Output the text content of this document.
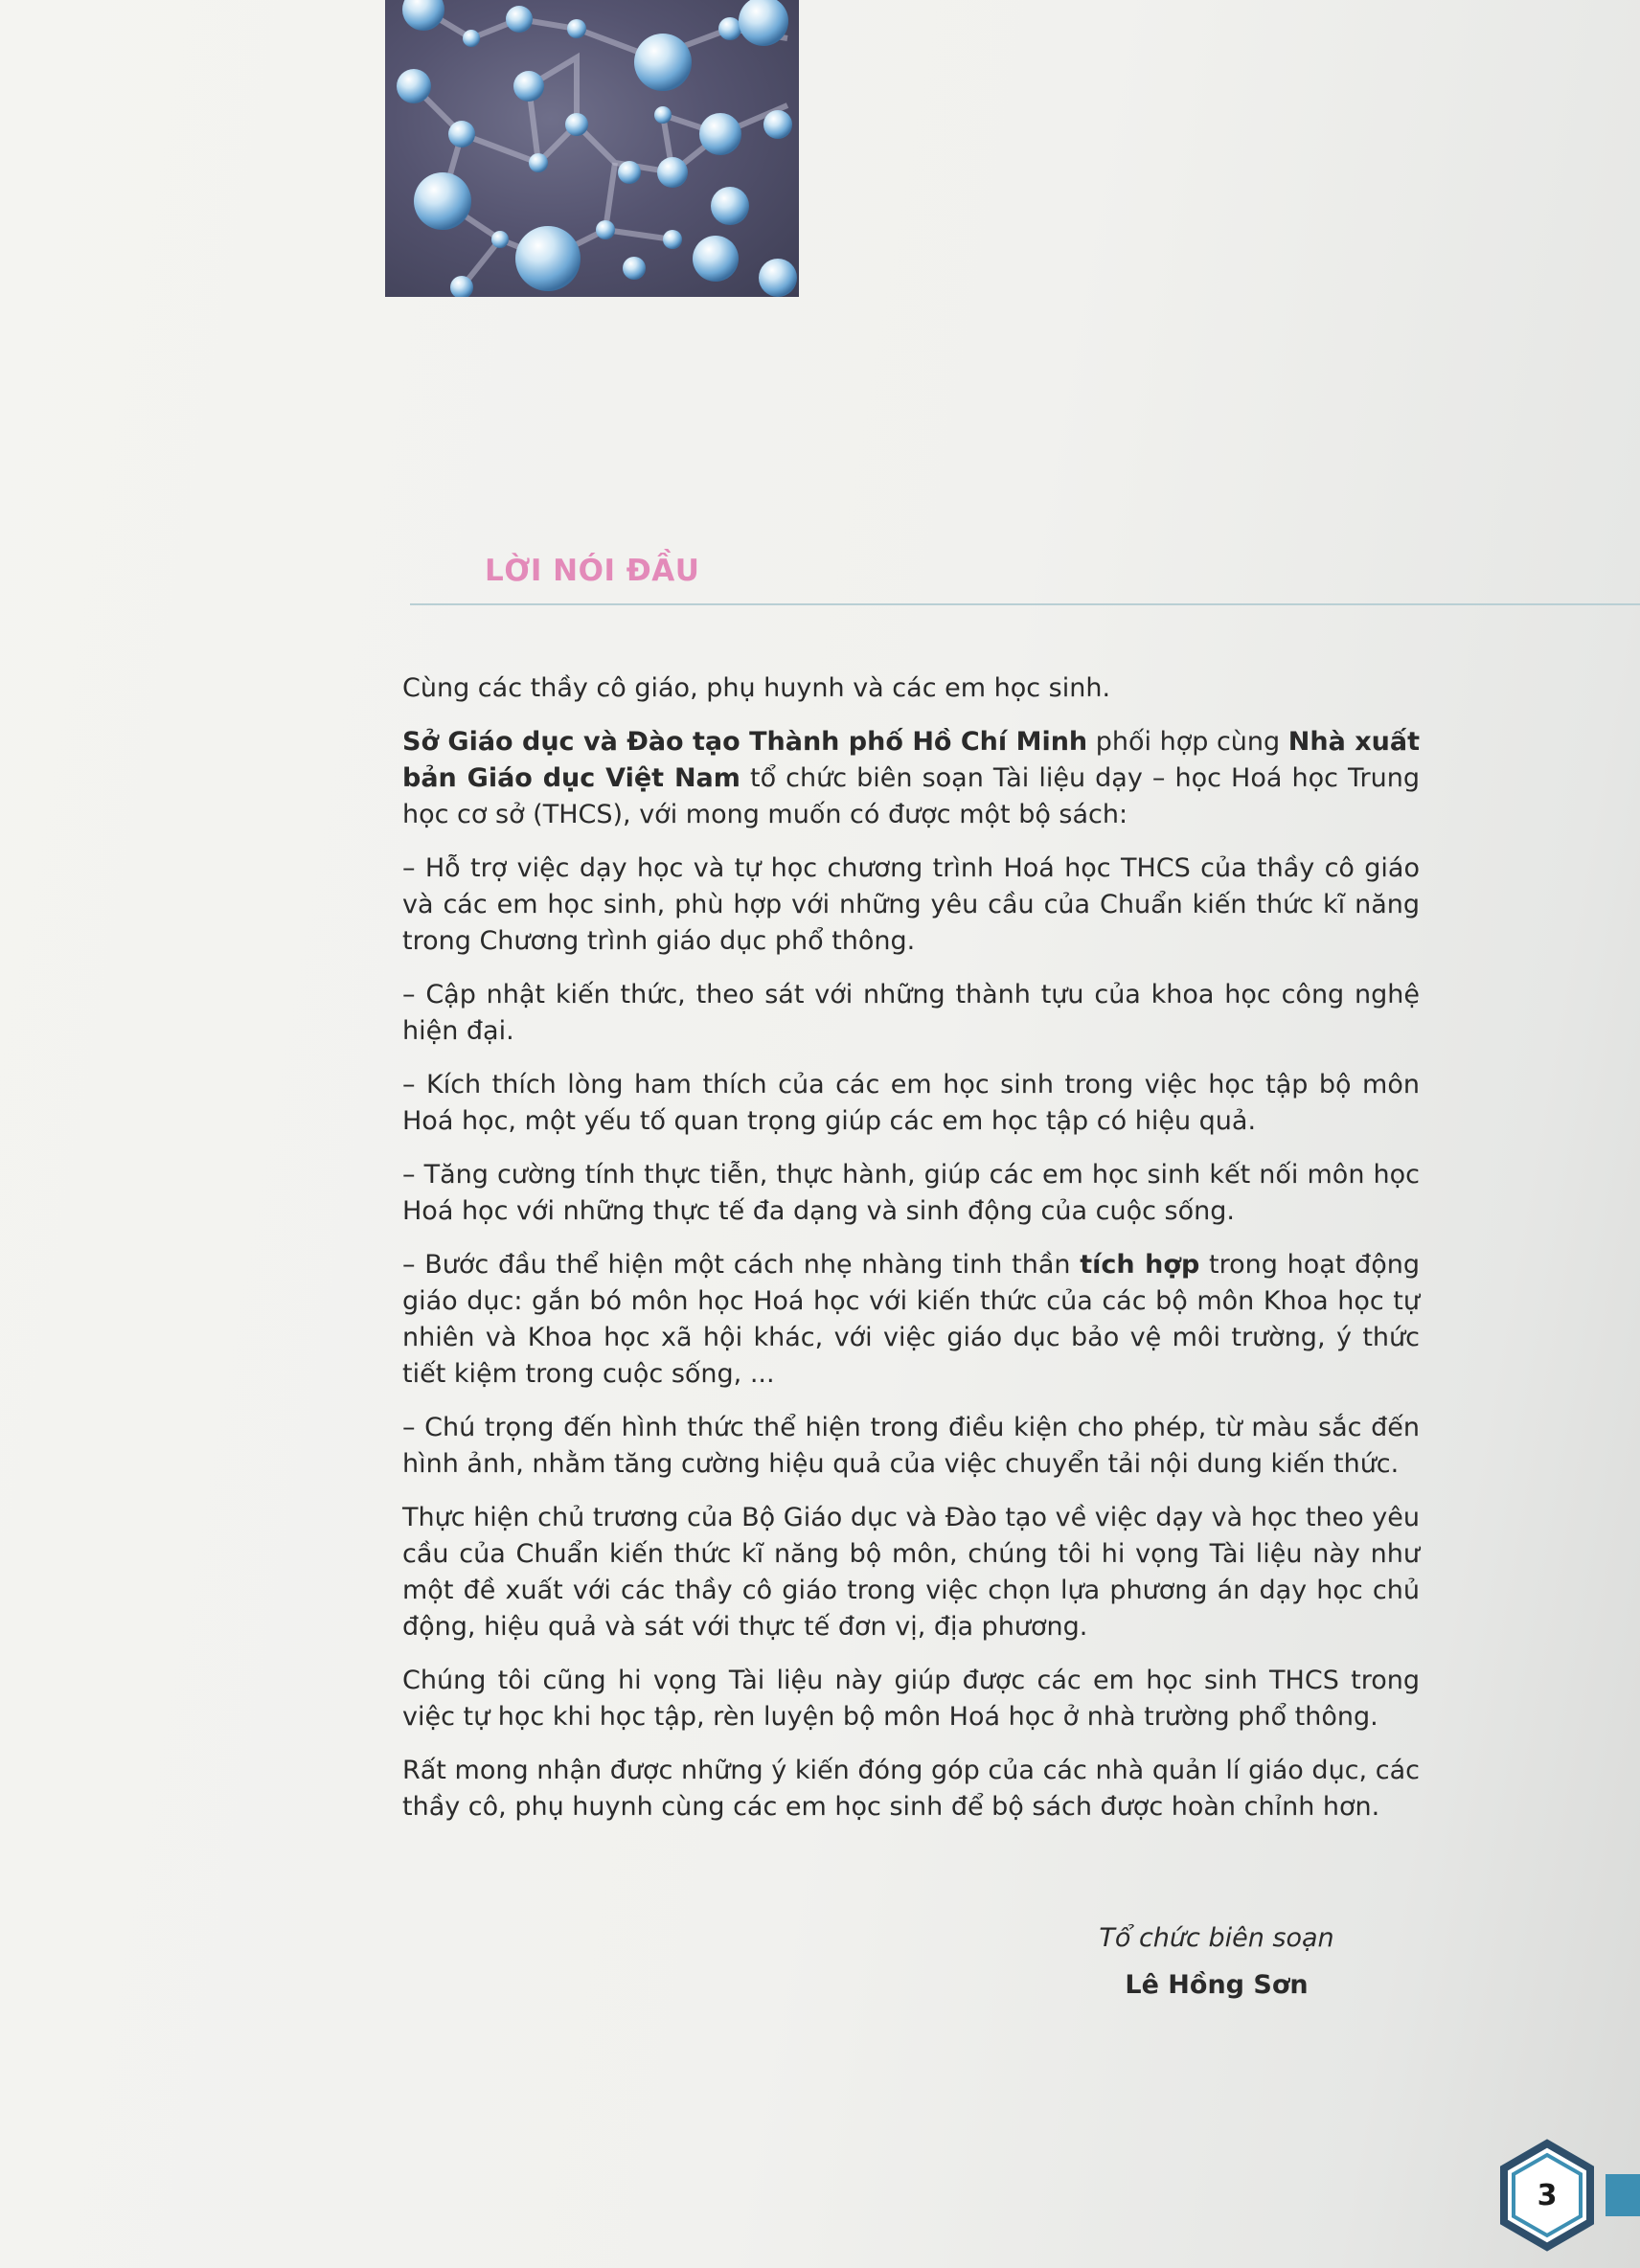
LỜI NÓI ĐẦU

Cùng các thầy cô giáo, phụ huynh và các em học sinh.

Sở Giáo dục và Đào tạo Thành phố Hồ Chí Minh phối hợp cùng Nhà xuất bản Giáo dục Việt Nam tổ chức biên soạn Tài liệu dạy – học Hoá học Trung học cơ sở (THCS), với mong muốn có được một bộ sách:

– Hỗ trợ việc dạy học và tự học chương trình Hoá học THCS của thầy cô giáo và các em học sinh, phù hợp với những yêu cầu của Chuẩn kiến thức kĩ năng trong Chương trình giáo dục phổ thông.

– Cập nhật kiến thức, theo sát với những thành tựu của khoa học công nghệ hiện đại.

– Kích thích lòng ham thích của các em học sinh trong việc học tập bộ môn Hoá học, một yếu tố quan trọng giúp các em học tập có hiệu quả.

– Tăng cường tính thực tiễn, thực hành, giúp các em học sinh kết nối môn học Hoá học với những thực tế đa dạng và sinh động của cuộc sống.

– Bước đầu thể hiện một cách nhẹ nhàng tinh thần tích hợp trong hoạt động giáo dục: gắn bó môn học Hoá học với kiến thức của các bộ môn Khoa học tự nhiên và Khoa học xã hội khác, với việc giáo dục bảo vệ môi trường, ý thức tiết kiệm trong cuộc sống, ...

– Chú trọng đến hình thức thể hiện trong điều kiện cho phép, từ màu sắc đến hình ảnh, nhằm tăng cường hiệu quả của việc chuyển tải nội dung kiến thức.

Thực hiện chủ trương của Bộ Giáo dục và Đào tạo về việc dạy và học theo yêu cầu của Chuẩn kiến thức kĩ năng bộ môn, chúng tôi hi vọng Tài liệu này như một đề xuất với các thầy cô giáo trong việc chọn lựa phương án dạy học chủ động, hiệu quả và sát với thực tế đơn vị, địa phương.

Chúng tôi cũng hi vọng Tài liệu này giúp được các em học sinh THCS trong việc tự học khi học tập, rèn luyện bộ môn Hoá học ở nhà trường phổ thông.

Rất mong nhận được những ý kiến đóng góp của các nhà quản lí giáo dục, các thầy cô, phụ huynh cùng các em học sinh để bộ sách được hoàn chỉnh hơn.

Tổ chức biên soạn
Lê Hồng Sơn
3
